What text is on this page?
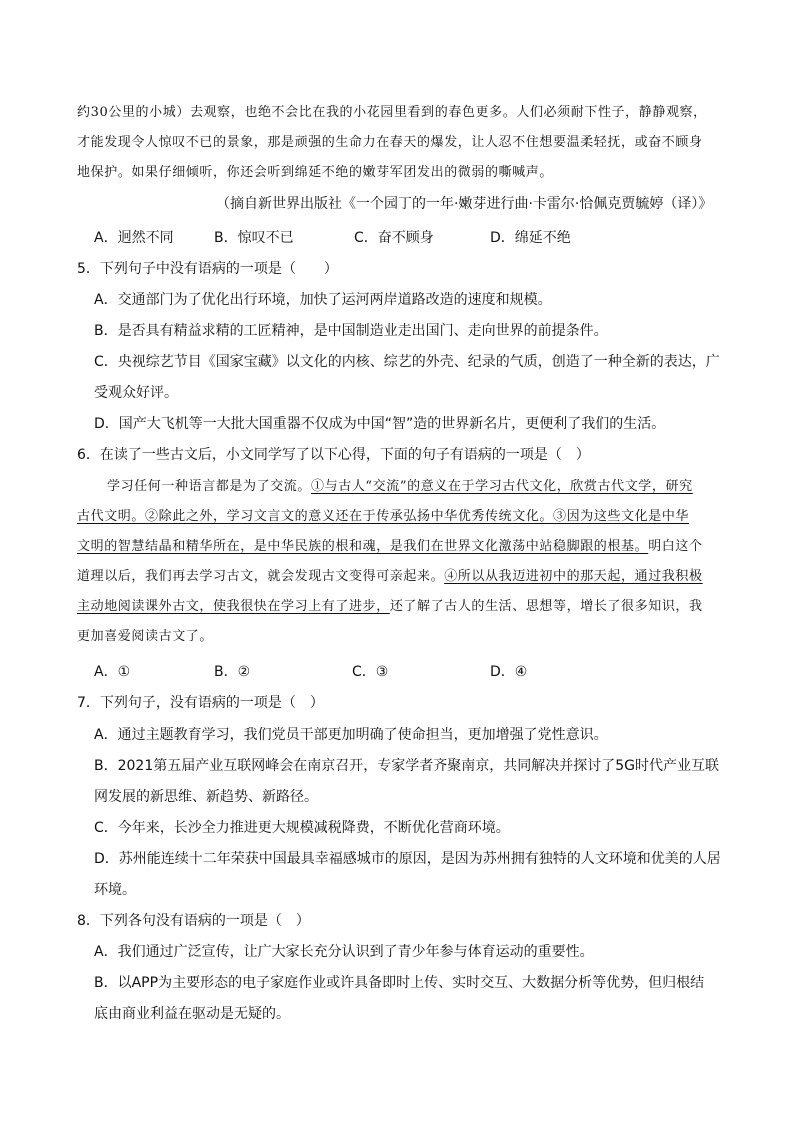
约30公里的小城）去观察，也绝不会比在我的小花园里看到的春色更多。人们必须耐下性子，静静观察，
才能发现令人惊叹不已的景象，那是顽强的生命力在春天的爆发，让人忍不住想要温柔轻抚，或奋不顾身
地保护。如果仔细倾听，你还会听到绵延不绝的嫩芽军团发出的微弱的嘶喊声。
（摘自新世界出版社《一个园丁的一年·嫩芽进行曲·卡雷尔·恰佩克贾毓婷（译）》
A．迥然不同	B．惊叹不已	C．奋不顾身	D．绵延不绝
5．下列句子中没有语病的一项是（　　）
A．交通部门为了优化出行环境，加快了运河两岸道路改造的速度和规模。
B．是否具有精益求精的工匠精神，是中国制造业走出国门、走向世界的前提条件。
C．央视综艺节目《国家宝藏》以文化的内核、综艺的外壳、纪录的气质，创造了一种全新的表达，广
受观众好评。
D．国产大飞机等一大批大国重器不仅成为中国“智”造的世界新名片，更便利了我们的生活。
6．在读了一些古文后，小文同学写了以下心得，下面的句子有语病的一项是（　）
学习任何一种语言都是为了交流。①与古人“交流”的意义在于学习古代文化，欣赏古代文学，研究
古代文明。②除此之外，学习文言文的意义还在于传承弘扬中华优秀传统文化。③因为这些文化是中华
文明的智慧结晶和精华所在，是中华民族的根和魂，是我们在世界文化激荡中站稳脚跟的根基。明白这个
道理以后，我们再去学习古文，就会发现古文变得可亲起来。④所以从我迈进初中的那天起，通过我积极
主动地阅读课外古文，使我很快在学习上有了进步，还了解了古人的生活、思想等，增长了很多知识，我
更加喜爱阅读古文了。
A．①	B．②	C．③	D．④
7．下列句子，没有语病的一项是（　）
A．通过主题教育学习，我们党员干部更加明确了使命担当，更加增强了党性意识。
B．2021第五届产业互联网峰会在南京召开，专家学者齐聚南京，共同解决并探讨了5G时代产业互联
网发展的新思维、新趋势、新路径。
C．今年来，长沙全力推进更大规模减税降费，不断优化营商环境。
D．苏州能连续十二年荣获中国最具幸福感城市的原因，是因为苏州拥有独特的人文环境和优美的人居
环境。
8．下列各句没有语病的一项是（　）
A．我们通过广泛宣传，让广大家长充分认识到了青少年参与体育运动的重要性。
B．以APP为主要形态的电子家庭作业或许具备即时上传、实时交互、大数据分析等优势，但归根结
底由商业利益在驱动是无疑的。
